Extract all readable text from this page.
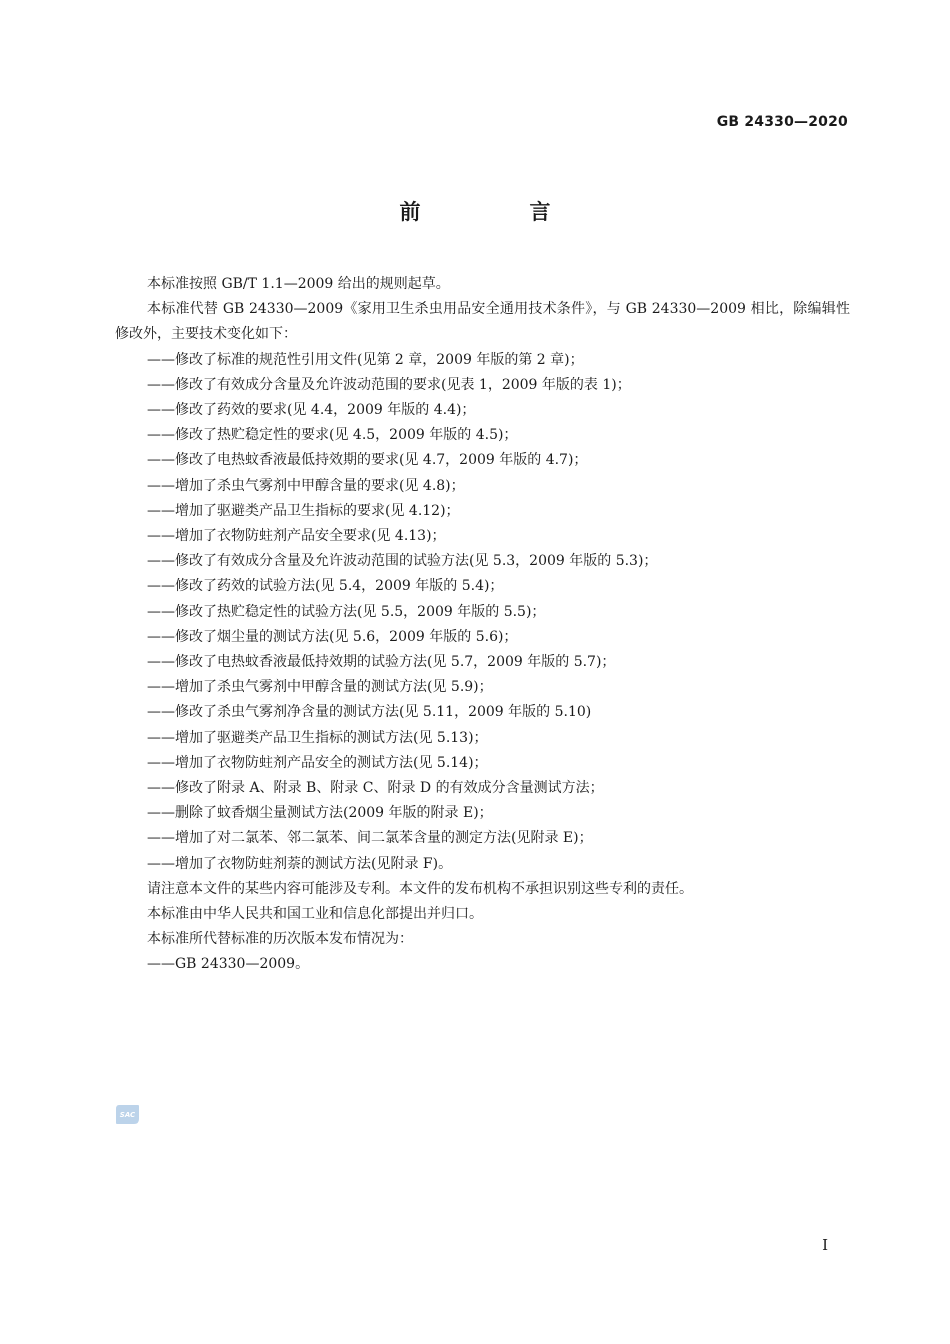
GB 24330—2020
前　言

本标准按照 GB/T 1.1—2009 给出的规则起草。

本标准代替 GB 24330—2009《家用卫生杀虫用品安全通用技术条件》，与 GB 24330—2009 相比，除编辑性修改外，主要技术变化如下：

——修改了标准的规范性引用文件(见第 2 章，2009 年版的第 2 章)；
——修改了有效成分含量及允许波动范围的要求(见表 1，2009 年版的表 1)；
——修改了药效的要求(见 4.4，2009 年版的 4.4)；
——修改了热贮稳定性的要求(见 4.5，2009 年版的 4.5)；
——修改了电热蚊香液最低持效期的要求(见 4.7，2009 年版的 4.7)；
——增加了杀虫气雾剂中甲醇含量的要求(见 4.8)；
——增加了驱避类产品卫生指标的要求(见 4.12)；
——增加了衣物防蛀剂产品安全要求(见 4.13)；
——修改了有效成分含量及允许波动范围的试验方法(见 5.3，2009 年版的 5.3)；
——修改了药效的试验方法(见 5.4，2009 年版的 5.4)；
——修改了热贮稳定性的试验方法(见 5.5，2009 年版的 5.5)；
——修改了烟尘量的测试方法(见 5.6，2009 年版的 5.6)；
——修改了电热蚊香液最低持效期的试验方法(见 5.7，2009 年版的 5.7)；
——增加了杀虫气雾剂中甲醇含量的测试方法(见 5.9)；
——修改了杀虫气雾剂净含量的测试方法(见 5.11，2009 年版的 5.10)
——增加了驱避类产品卫生指标的测试方法(见 5.13)；
——增加了衣物防蛀剂产品安全的测试方法(见 5.14)；
——修改了附录 A、附录 B、附录 C、附录 D 的有效成分含量测试方法；
——删除了蚊香烟尘量测试方法(2009 年版的附录 E)；
——增加了对二氯苯、邻二氯苯、间二氯苯含量的测定方法(见附录 E)；
——增加了衣物防蛀剂萘的测试方法(见附录 F)。

请注意本文件的某些内容可能涉及专利。本文件的发布机构不承担识别这些专利的责任。

本标准由中华人民共和国工业和信息化部提出并归口。

本标准所代替标准的历次版本发布情况为：

——GB 24330—2009。
SAC
I
